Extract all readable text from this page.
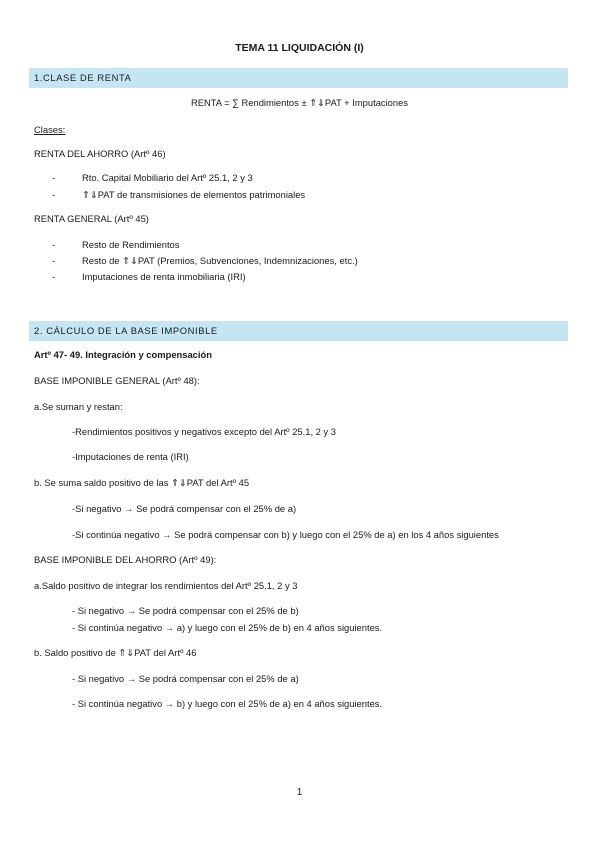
TEMA 11 LIQUIDACIÓN (I)
1.CLASE DE RENTA
RENTA = ∑ Rendimientos ± ⇑⇓PAT + Imputaciones
Clases:
RENTA DEL AHORRO (Artº 46)
-	Rto. Capital Mobiliario del Artº 25.1, 2 y 3
-	⇑⇓PAT de transmisiones de elementos patrimoniales
RENTA GENERAL (Artº 45)
-	Resto de Rendimientos
-	Resto de ⇑⇓PAT (Premios, Subvenciones, Indemnizaciones, etc.)
-	Imputaciones de renta inmobiliaria (IRI)
2. CÁLCULO DE LA BASE IMPONIBLE
Artº 47- 49. Integración y compensación
BASE IMPONIBLE GENERAL (Artº 48):
a.Se suman y restan:
-Rendimientos positivos y negativos excepto del Artº 25.1, 2 y 3
-Imputaciones de renta (IRI)
b. Se suma saldo positivo de las ⇑⇓PAT del Artº 45
-Si negativo → Se podrá compensar con el 25% de a)
-Si continúa negativo → Se podrá compensar con b) y luego con el 25% de a) en los 4 años siguientes
BASE IMPONIBLE DEL AHORRO (Artº 49):
a.Saldo positivo de integrar los rendimientos del Artº 25.1, 2 y 3
- Si negativo → Se podrá compensar con el 25% de b)
- Si continúa negativo → a) y luego con el 25% de b) en 4 años siguientes.
b. Saldo positivo de ⇑⇓PAT del Artº 46
- Si negativo → Se podrá compensar con el 25% de a)
- Si continúa negativo → b) y luego con el 25% de a) en 4 años siguientes.
1
